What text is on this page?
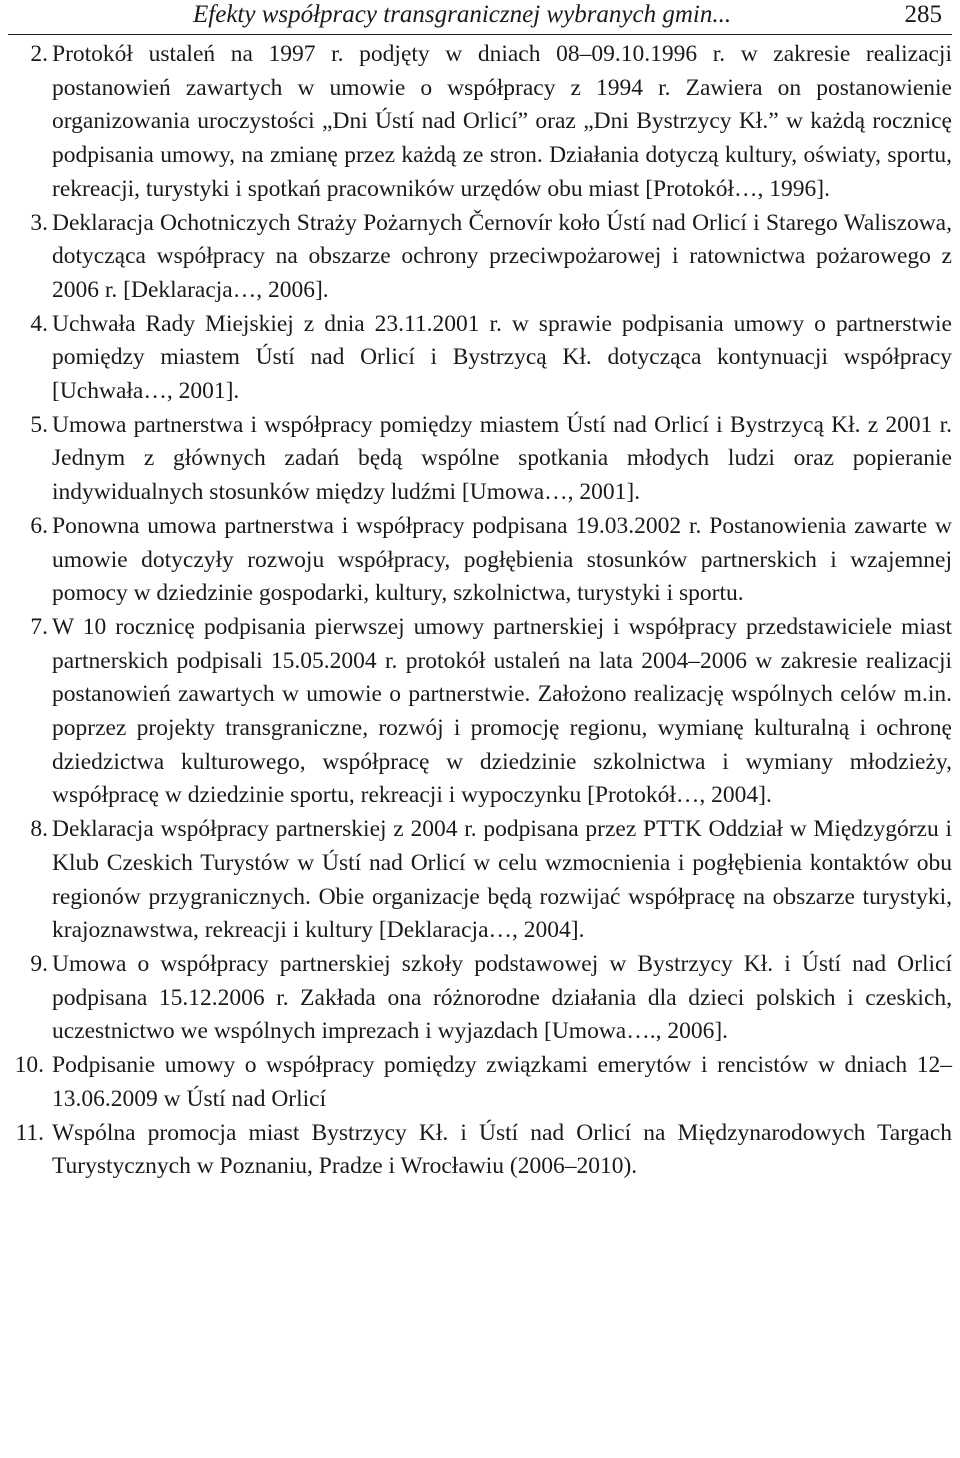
Efekty współpracy transgranicznej wybranych gmin...	285
2. Protokół ustaleń na 1997 r. podjęty w dniach 08–09.10.1996 r. w zakresie realizacji postanowień zawartych w umowie o współpracy z 1994 r. Zawiera on postanowienie organizowania uroczystości „Dni Ústí nad Orlicí” oraz „Dni Bystrzycy Kł.” w każdą rocznicę podpisania umowy, na zmianę przez każdą ze stron. Działania dotyczą kultury, oświaty, sportu, rekreacji, turystyki i spotkań pracowników urzędów obu miast [Protokół…, 1996].
3. Deklaracja Ochotniczych Straży Pożarnych Černovír koło Ústí nad Orlicí i Starego Waliszowa, dotycząca współpracy na obszarze ochrony przeciwpożarowej i ratownictwa pożarowego z 2006 r. [Deklaracja…, 2006].
4. Uchwała Rady Miejskiej z dnia 23.11.2001 r. w sprawie podpisania umowy o partnerstwie pomiędzy miastem Ústí nad Orlicí i Bystrzycą Kł. dotycząca kontynuacji współpracy [Uchwała…, 2001].
5. Umowa partnerstwa i współpracy pomiędzy miastem Ústí nad Orlicí i Bystrzycą Kł. z 2001 r. Jednym z głównych zadań będą wspólne spotkania młodych ludzi oraz popieranie indywidualnych stosunków między ludźmi [Umowa…, 2001].
6. Ponowna umowa partnerstwa i współpracy podpisana 19.03.2002 r. Postanowienia zawarte w umowie dotyczyły rozwoju współpracy, pogłębienia stosunków partnerskich i wzajemnej pomocy w dziedzinie gospodarki, kultury, szkolnictwa, turystyki i sportu.
7. W 10 rocznicę podpisania pierwszej umowy partnerskiej i współpracy przedstawiciele miast partnerskich podpisali 15.05.2004 r. protokół ustaleń na lata 2004–2006 w zakresie realizacji postanowień zawartych w umowie o partnerstwie. Założono realizację wspólnych celów m.in. poprzez projekty transgraniczne, rozwój i promocję regionu, wymianę kulturalną i ochronę dziedzictwa kulturowego, współpracę w dziedzinie szkolnictwa i wymiany młodzieży, współpracę w dziedzinie sportu, rekreacji i wypoczynku [Protokół…, 2004].
8. Deklaracja współpracy partnerskiej z 2004 r. podpisana przez PTTK Oddział w Międzygórzu i Klub Czeskich Turystów w Ústí nad Orlicí w celu wzmocnienia i pogłębienia kontaktów obu regionów przygranicznych. Obie organizacje będą rozwijać współpracę na obszarze turystyki, krajoznawstwa, rekreacji i kultury [Deklaracja…, 2004].
9. Umowa o współpracy partnerskiej szkoły podstawowej w Bystrzycy Kł. i Ústí nad Orlicí podpisana 15.12.2006 r. Zakłada ona różnorodne działania dla dzieci polskich i czeskich, uczestnictwo we wspólnych imprezach i wyjazdach [Umowa…., 2006].
10. Podpisanie umowy o współpracy pomiędzy związkami emerytów i rencistów w dniach 12–13.06.2009 w Ústí nad Orlicí
11. Wspólna promocja miast Bystrzycy Kł. i Ústí nad Orlicí na Międzynarodowych Targach Turystycznych w Poznaniu, Pradze i Wrocławiu (2006–2010).
